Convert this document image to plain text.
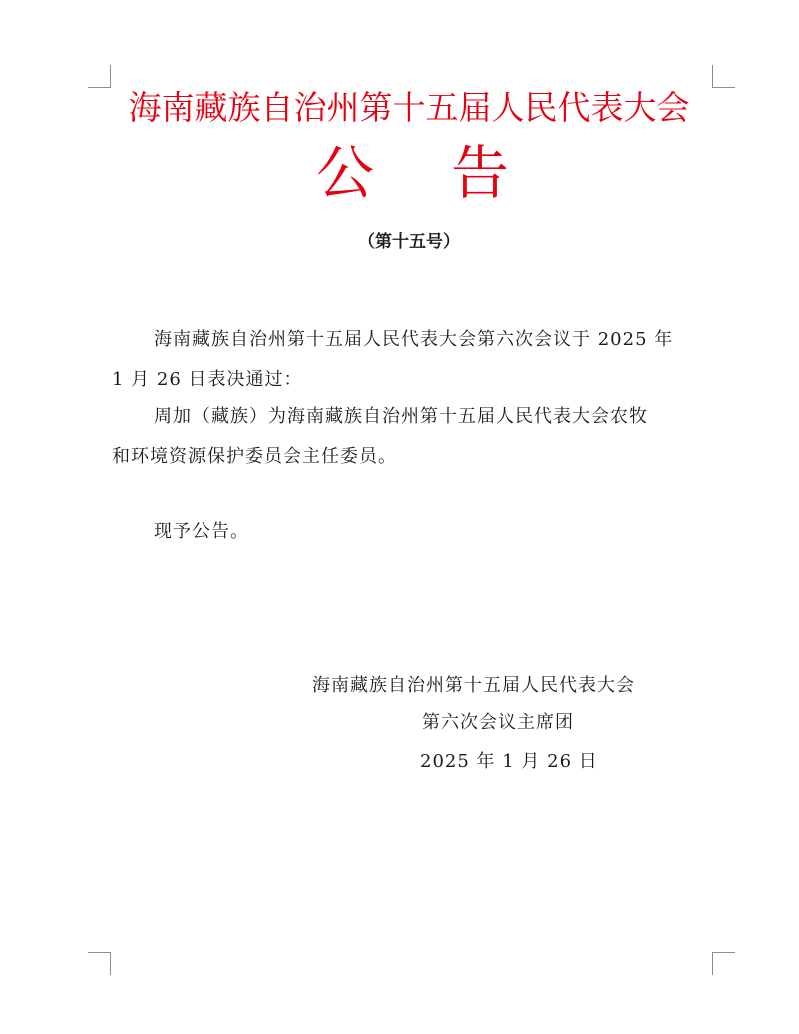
海南藏族自治州第十五届人民代表大会
公 告
（第十五号）
海南藏族自治州第十五届人民代表大会第六次会议于 2025 年
1 月 26 日表决通过：
周加（藏族）为海南藏族自治州第十五届人民代表大会农牧
和环境资源保护委员会主任委员。
现予公告。
海南藏族自治州第十五届人民代表大会
第六次会议主席团
2025 年 1 月 26 日
